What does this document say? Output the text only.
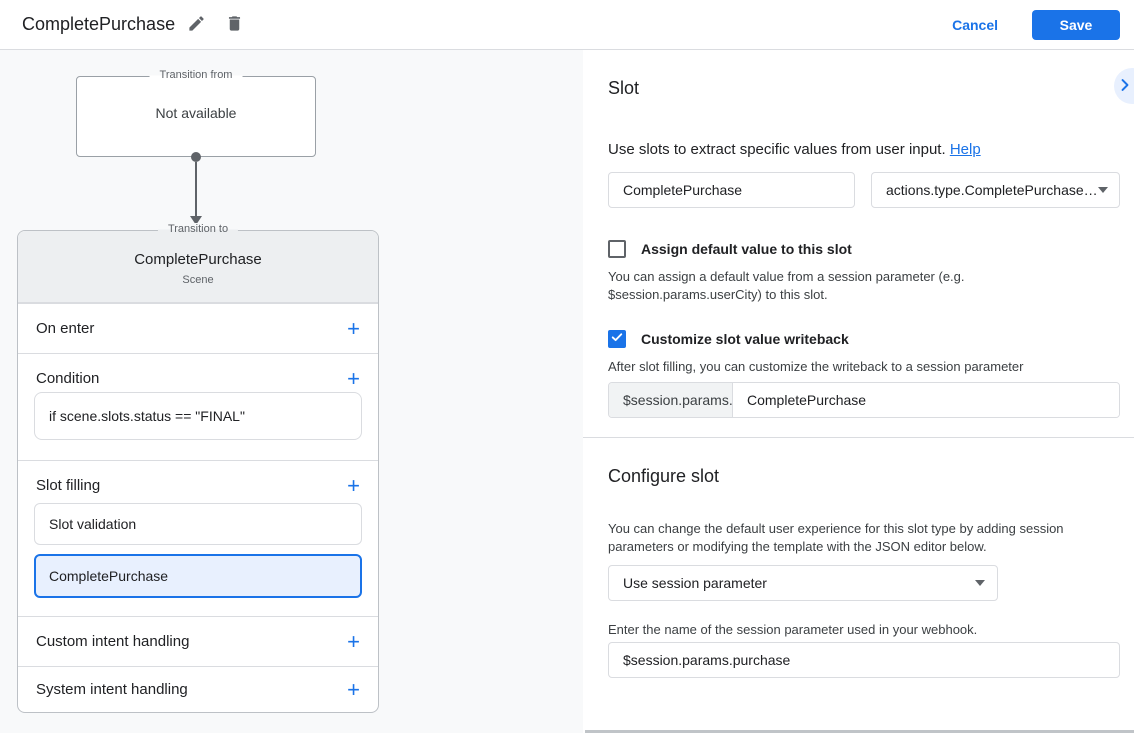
CompletePurchase	Cancel	Save
Transition from
Not available
Transition to
CompletePurchase
Scene
On enter	+
Condition	+
if scene.slots.status == "FINAL"
Slot filling	+
Slot validation
CompletePurchase
Custom intent handling	+
System intent handling	+
Slot
Use slots to extract specific values from user input. Help
CompletePurchase
actions.type.CompletePurchase…
Assign default value to this slot
You can assign a default value from a session parameter (e.g. $session.params.userCity) to this slot.
Customize slot value writeback
After slot filling, you can customize the writeback to a session parameter
$session.params.
CompletePurchase
Configure slot
You can change the default user experience for this slot type by adding session parameters or modifying the template with the JSON editor below.
Use session parameter
Enter the name of the session parameter used in your webhook.
$session.params.purchase
